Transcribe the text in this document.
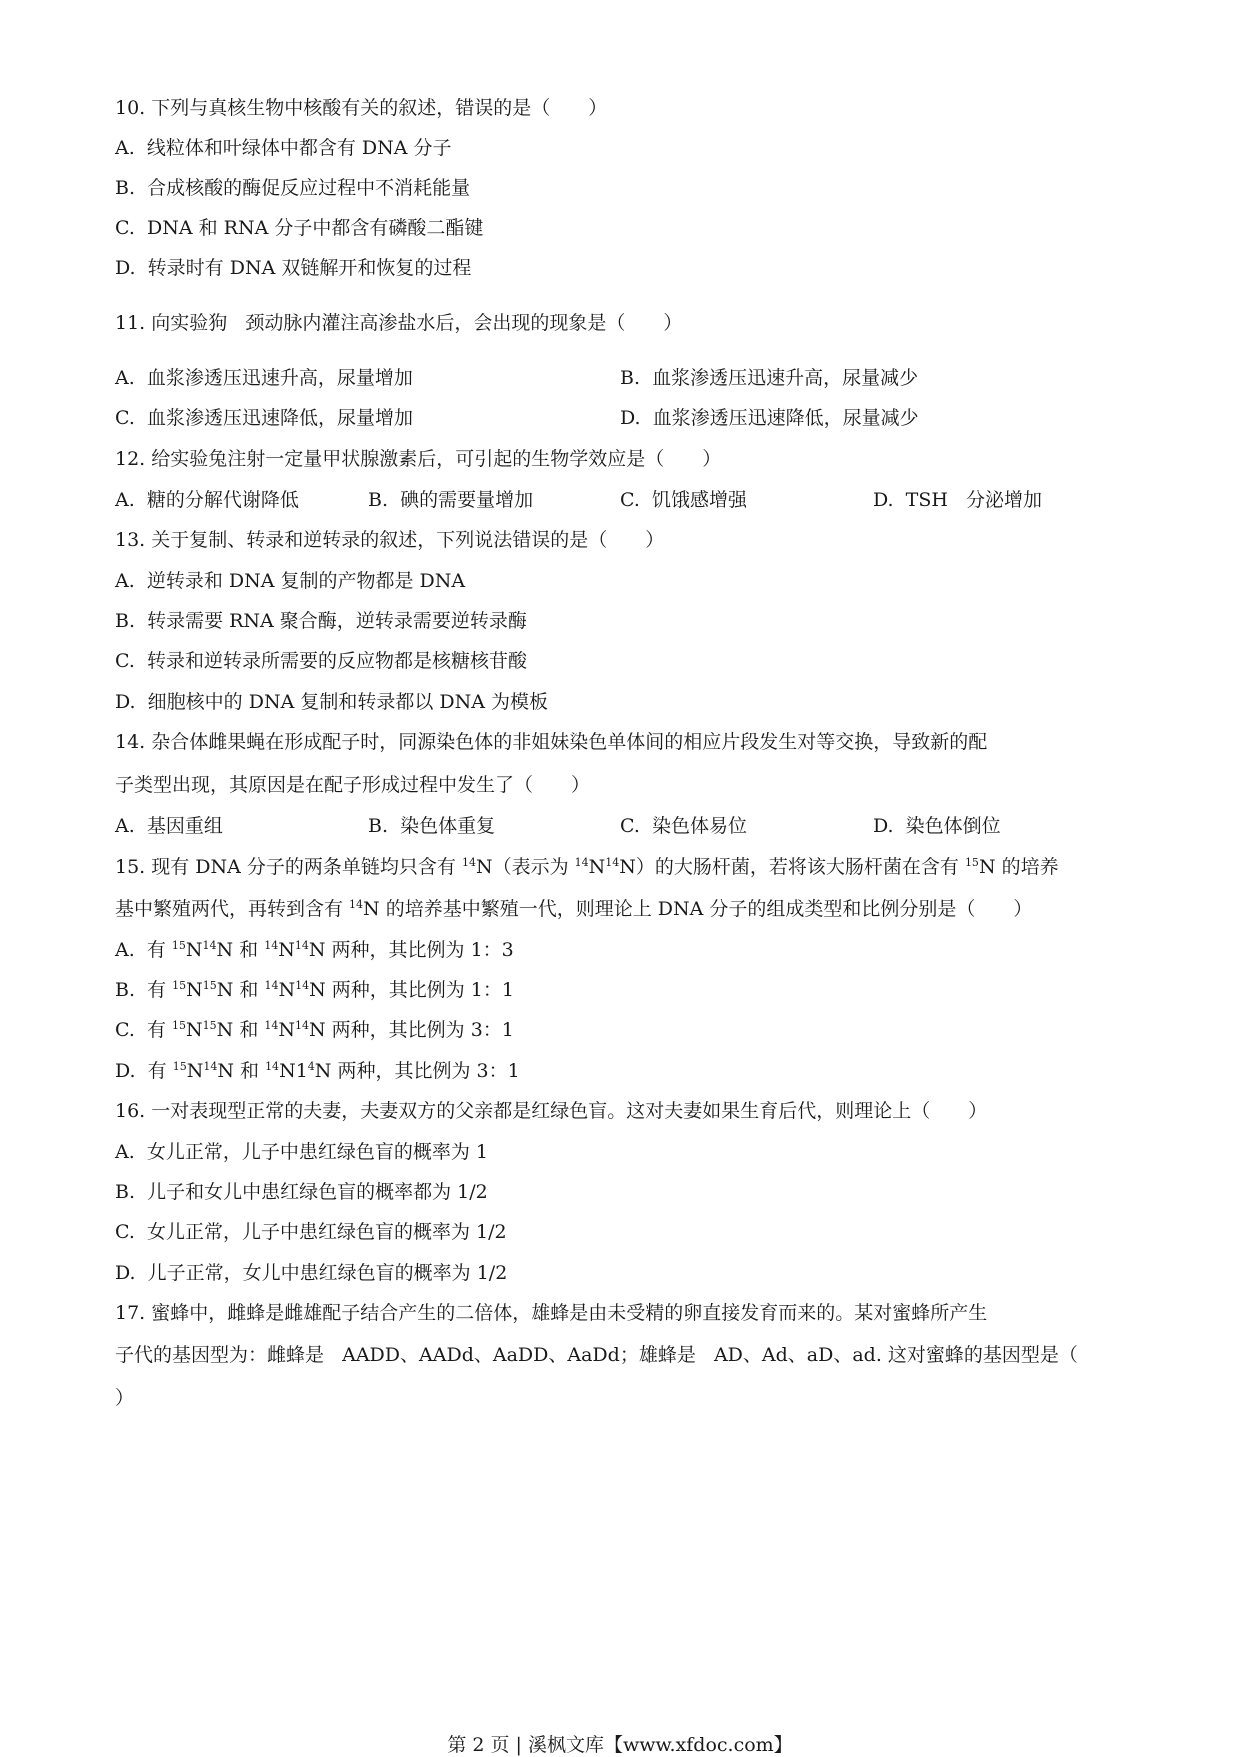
10. 下列与真核生物中核酸有关的叙述，错误的是（　　）
A.  线粒体和叶绿体中都含有 DNA 分子
B.  合成核酸的酶促反应过程中不消耗能量
C.  DNA 和 RNA 分子中都含有磷酸二酯键
D.  转录时有 DNA 双链解开和恢复的过程
11. 向实验狗   颈动脉内灌注高渗盐水后，会出现的现象是（　　）
A.  血浆渗透压迅速升高，尿量增加	B.  血浆渗透压迅速升高，尿量减少
C.  血浆渗透压迅速降低，尿量增加	D.  血浆渗透压迅速降低，尿量减少
12. 给实验兔注射一定量甲状腺激素后，可引起的生物学效应是（　　）
A.  糖的分解代谢降低	B.  碘的需要量增加	C.  饥饿感增强	D.  TSH   分泌增加
13. 关于复制、转录和逆转录的叙述，下列说法错误的是（　　）
A.  逆转录和 DNA 复制的产物都是 DNA
B.  转录需要 RNA 聚合酶，逆转录需要逆转录酶
C.  转录和逆转录所需要的反应物都是核糖核苷酸
D.  细胞核中的 DNA 复制和转录都以 DNA 为模板
14. 杂合体雌果蝇在形成配子时，同源染色体的非姐妹染色单体间的相应片段发生对等交换，导致新的配
子类型出现，其原因是在配子形成过程中发生了（　　）
A.  基因重组	B.  染色体重复	C.  染色体易位	D.  染色体倒位
15. 现有 DNA 分子的两条单链均只含有 $^{14}$N（表示为 $^{14}N^{14}N$）的大肠杆菌，若将该大肠杆菌在含有 $^{15}$N 的培养
基中繁殖两代，再转到含有 $^{14}$N 的培养基中繁殖一代，则理论上 DNA 分子的组成类型和比例分别是（　　）
A.  有 $^{15}N^{14}N$ 和 $^{14}N^{14}N$ 两种，其比例为 1：3
B.  有 $^{15}N^{15}N$ 和 $^{14}N^{14}N$ 两种，其比例为 1：1
C.  有 $^{15}N^{15}N$ 和 $^{14}N^{14}N$ 两种，其比例为 3：1
D.  有 $^{15}N^{14}N$ 和 $^{14}N1^4N$ 两种，其比例为 3：1
16. 一对表现型正常的夫妻，夫妻双方的父亲都是红绿色盲。这对夫妻如果生育后代，则理论上（　　）
A.  女儿正常，儿子中患红绿色盲的概率为 1
B.  儿子和女儿中患红绿色盲的概率都为 1/2
C.  女儿正常，儿子中患红绿色盲的概率为 1/2
D.  儿子正常，女儿中患红绿色盲的概率为 1/2
17. 蜜蜂中，雌蜂是雌雄配子结合产生的二倍体，雄蜂是由未受精的卵直接发育而来的。某对蜜蜂所产生
子代的基因型为：雌蜂是   AADD、AADd、AaDD、AaDd；雄蜂是   AD、Ad、aD、ad. 这对蜜蜂的基因型是（
）
第 2 页 | 溪枫文库【www.xfdoc.com】
